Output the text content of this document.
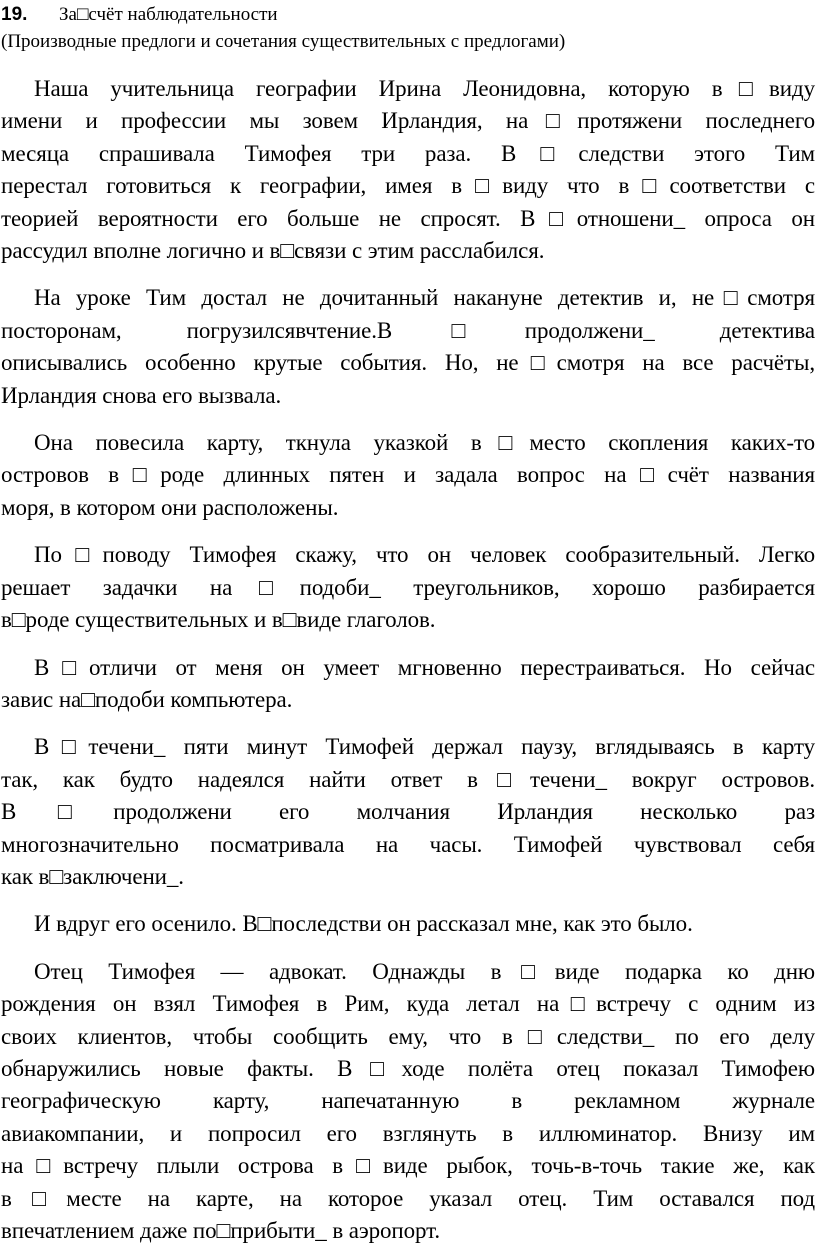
19. За□счёт наблюдательности
(Производные предлоги и сочетания существительных с предлогами)
Наша учительница географии Ирина Леонидовна, которую в□виду
имени и профессии мы зовем Ирландия, на□протяжени последнего
месяца спрашивала Тимофея три раза. В□следстви этого Тим
перестал готовиться к географии, имея в□виду что в□соответстви с
теорией вероятности его больше не спросят. В□отношени_ опроса он
рассудил вполне логично и в□связи с этим расслабился.
На уроке Тим достал не дочитанный накануне детектив и, не□смотря
посторонам, погрузилсявчтение.В□продолжени_ детектива
описывались особенно крутые события. Но, не□смотря на все расчёты,
Ирландия снова его вызвала.
Она повесила карту, ткнула указкой в□место скопления каких-то
островов в□роде длинных пятен и задала вопрос на□счёт названия
моря, в котором они расположены.
По□поводу Тимофея скажу, что он человек сообразительный. Легко
решает задачки на□подоби_ треугольников, хорошо разбирается
в□роде существительных и в□виде глаголов.
В□отличи от меня он умеет мгновенно перестраиваться. Но сейчас
завис на□подоби компьютера.
В□течени_ пяти минут Тимофей держал паузу, вглядываясь в карту
так, как будто надеялся найти ответ в□течени_ вокруг островов.
В□продолжени его молчания Ирландия несколько раз
многозначительно посматривала на часы. Тимофей чувствовал себя
как в□заключени_.
И вдруг его осенило. В□последстви он рассказал мне, как это было.
Отец Тимофея — адвокат. Однажды в□виде подарка ко дню
рождения он взял Тимофея в Рим, куда летал на□встречу с одним из
своих клиентов, чтобы сообщить ему, что в□следстви_ по его делу
обнаружились новые факты. В□ходе полёта отец показал Тимофею
географическую карту, напечатанную в рекламном журнале
авиакомпании, и попросил его взглянуть в иллюминатор. Внизу им
на□встречу плыли острова в□виде рыбок, точь-в-точь такие же, как
в□месте на карте, на которое указал отец. Тим оставался под
впечатлением даже по□прибыти_ в аэропорт.
